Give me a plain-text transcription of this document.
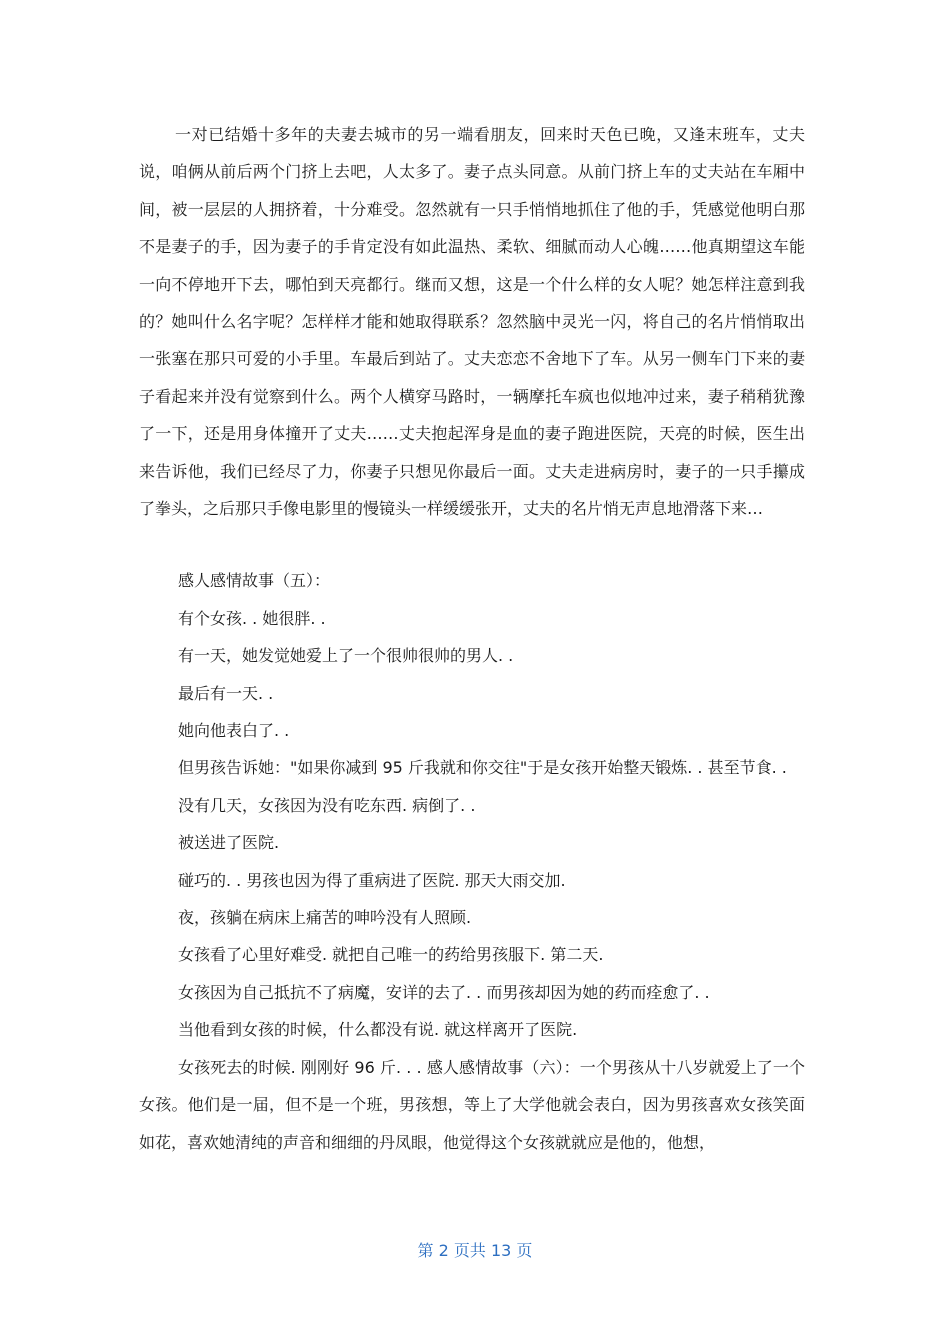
一对已结婚十多年的夫妻去城市的另一端看朋友，回来时天色已晚，又逢末班车，丈夫说，咱俩从前后两个门挤上去吧，人太多了。妻子点头同意。从前门挤上车的丈夫站在车厢中间，被一层层的人拥挤着，十分难受。忽然就有一只手悄悄地抓住了他的手，凭感觉他明白那不是妻子的手，因为妻子的手肯定没有如此温热、柔软、细腻而动人心魄……他真期望这车能一向不停地开下去，哪怕到天亮都行。继而又想，这是一个什么样的女人呢？她怎样注意到我的？她叫什么名字呢？怎样样才能和她取得联系？忽然脑中灵光一闪，将自己的名片悄悄取出一张塞在那只可爱的小手里。车最后到站了。丈夫恋恋不舍地下了车。从另一侧车门下来的妻子看起来并没有觉察到什么。两个人横穿马路时，一辆摩托车疯也似地冲过来，妻子稍稍犹豫了一下，还是用身体撞开了丈夫……丈夫抱起浑身是血的妻子跑进医院，天亮的时候，医生出来告诉他，我们已经尽了力，你妻子只想见你最后一面。丈夫走进病房时，妻子的一只手攥成了拳头，之后那只手像电影里的慢镜头一样缓缓张开，丈夫的名片悄无声息地滑落下来…

感人感情故事（五）：

有个女孩. . 她很胖. .

有一天，她发觉她爱上了一个很帅很帅的男人. .

最后有一天. .

她向他表白了. .

但男孩告诉她："如果你减到 95 斤我就和你交往"于是女孩开始整天锻炼. . 甚至节食. .

没有几天，女孩因为没有吃东西. 病倒了. .

被送进了医院.

碰巧的. . 男孩也因为得了重病进了医院. 那天大雨交加.

夜，孩躺在病床上痛苦的呻吟没有人照顾.

女孩看了心里好难受. 就把自己唯一的药给男孩服下. 第二天.

女孩因为自己抵抗不了病魔，安详的去了. . 而男孩却因为她的药而痊愈了. .

当他看到女孩的时候，什么都没有说. 就这样离开了医院.

女孩死去的时候. 刚刚好 96 斤. . . 感人感情故事（六）：一个男孩从十八岁就爱上了一个女孩。他们是一届，但不是一个班，男孩想，等上了大学他就会表白，因为男孩喜欢女孩笑面如花，喜欢她清纯的声音和细细的丹凤眼，他觉得这个女孩就就应是他的，他想，

第 2 页共 13 页
